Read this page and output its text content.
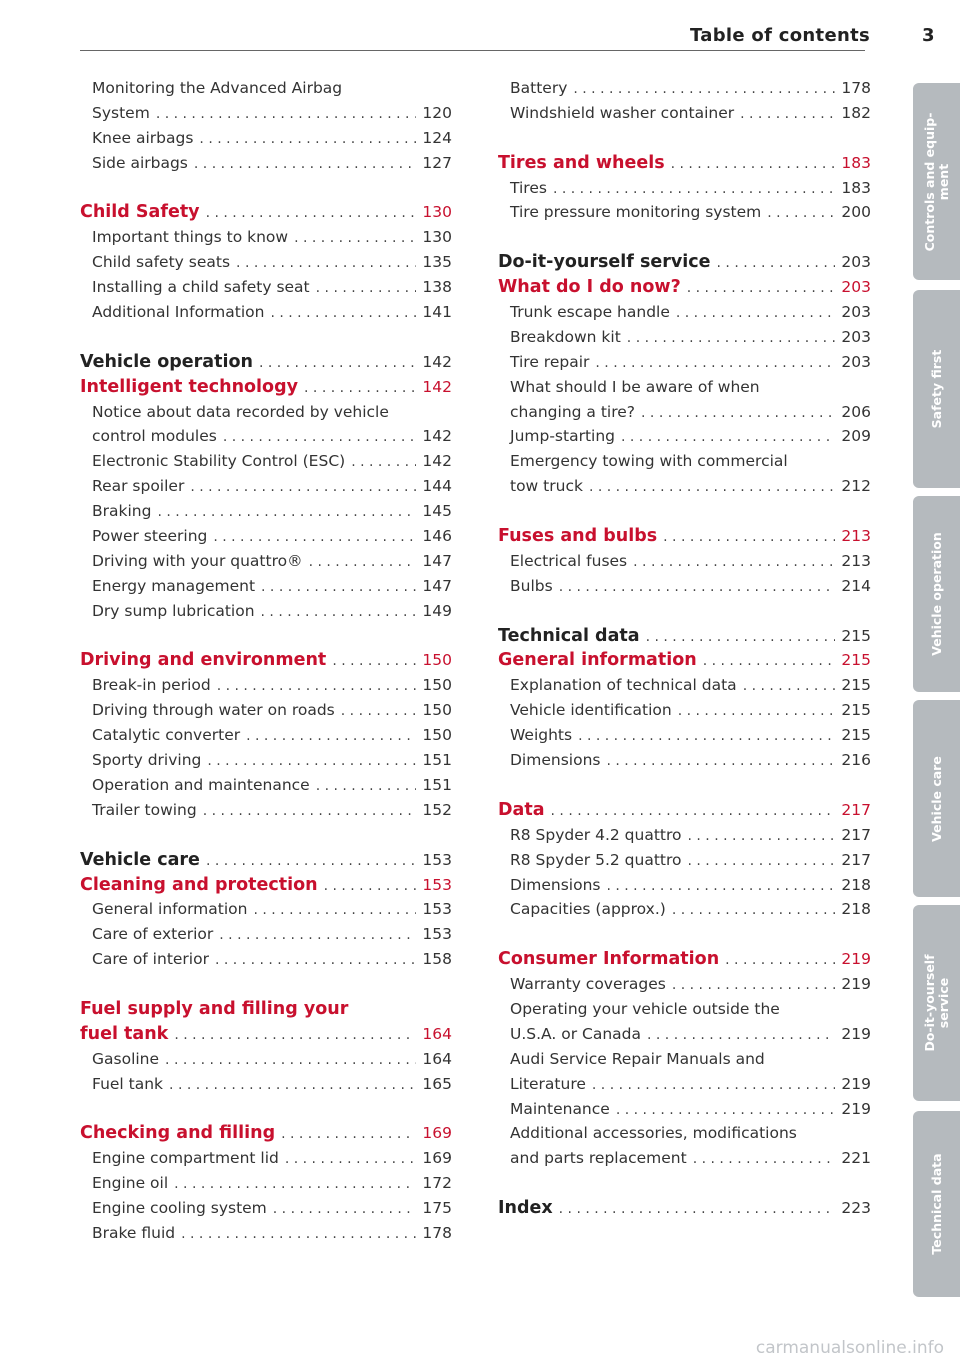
Table of contents	3
Monitoring the Advanced Airbag
System . . .	120
Knee airbags . . .	124
Side airbags . . .	127
Child Safety . . .	130
Important things to know . . .	130
Child safety seats . . .	135
Installing a child safety seat . . .	138
Additional Information . . .	141
Vehicle operation . . .	142
Intelligent technology . . .	142
Notice about data recorded by vehicle
control modules . . .	142
Electronic Stability Control (ESC) . . .	142
Rear spoiler . . .	144
Braking . . .	145
Power steering . . .	146
Driving with your quattro® . . .	147
Energy management . . .	147
Dry sump lubrication . . .	149
Driving and environment . . .	150
Break-in period . . .	150
Driving through water on roads . . .	150
Catalytic converter . . .	150
Sporty driving . . .	151
Operation and maintenance . . .	151
Trailer towing . . .	152
Vehicle care . . .	153
Cleaning and protection . . .	153
General information . . .	153
Care of exterior . . .	153
Care of interior . . .	158
Fuel supply and filling your
fuel tank . . .	164
Gasoline . . .	164
Fuel tank . . .	165
Checking and filling . . .	169
Engine compartment lid . . .	169
Engine oil . . .	172
Engine cooling system . . .	175
Brake fluid . . .	178
Battery . . .	178
Windshield washer container . . .	182
Tires and wheels . . .	183
Tires . . .	183
Tire pressure monitoring system . . .	200
Do-it-yourself service . . .	203
What do I do now? . . .	203
Trunk escape handle . . .	203
Breakdown kit . . .	203
Tire repair . . .	203
What should I be aware of when
changing a tire? . . .	206
Jump-starting . . .	209
Emergency towing with commercial
tow truck . . .	212
Fuses and bulbs . . .	213
Electrical fuses . . .	213
Bulbs . . .	214
Technical data . . .	215
General information . . .	215
Explanation of technical data . . .	215
Vehicle identification . . .	215
Weights . . .	215
Dimensions . . .	216
Data . . .	217
R8 Spyder 4.2 quattro . . .	217
R8 Spyder 5.2 quattro . . .	217
Dimensions . . .	218
Capacities (approx.) . . .	218
Consumer Information . . .	219
Warranty coverages . . .	219
Operating your vehicle outside the
U.S.A. or Canada . . .	219
Audi Service Repair Manuals and
Literature . . .	219
Maintenance . . .	219
Additional accessories, modifications
and parts replacement . . .	221
Index . . .	223
Controls and equip-
ment
Safety first
Vehicle operation
Vehicle care
Do-it-yourself
service
Technical data
carmanualsonline.info
